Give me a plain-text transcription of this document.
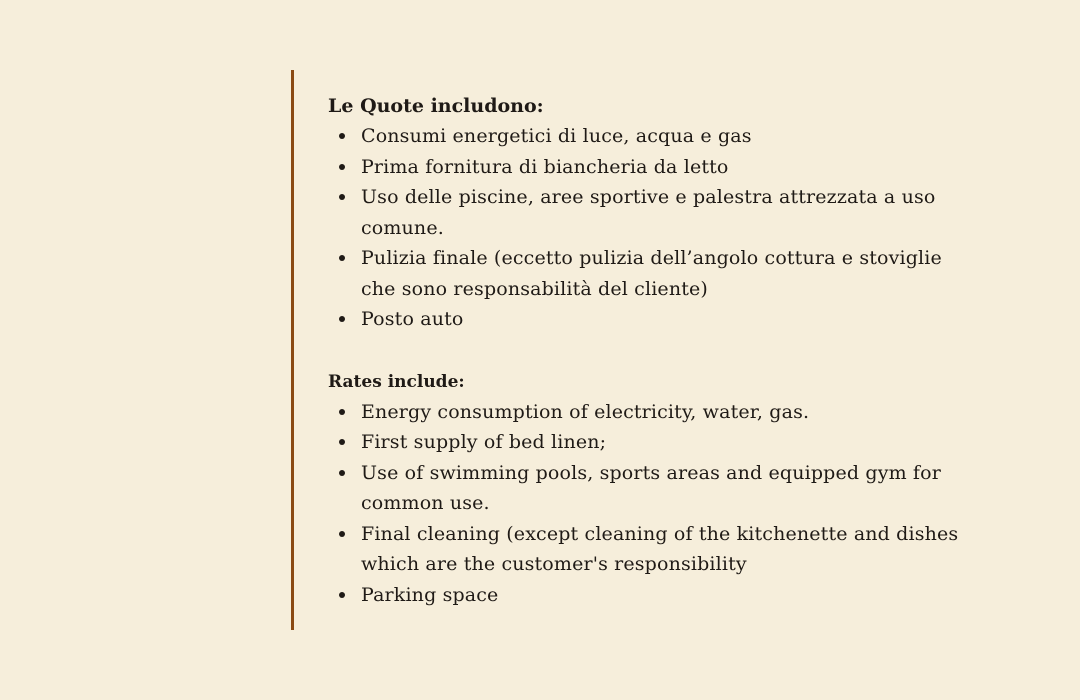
Le Quote includono:

Consumi energetici di luce, acqua e gas
Prima fornitura di biancheria da letto
Uso delle piscine, aree sportive e palestra attrezzata a uso comune.
Pulizia finale (eccetto pulizia dell’angolo cottura e stoviglie che sono responsabilità del cliente)
Posto auto

Rates include:

Energy consumption of electricity, water, gas.
First supply of bed linen;
Use of swimming pools, sports areas and equipped gym for common use.
Final cleaning (except cleaning of the kitchenette and dishes which are the customer's responsibility
Parking space
